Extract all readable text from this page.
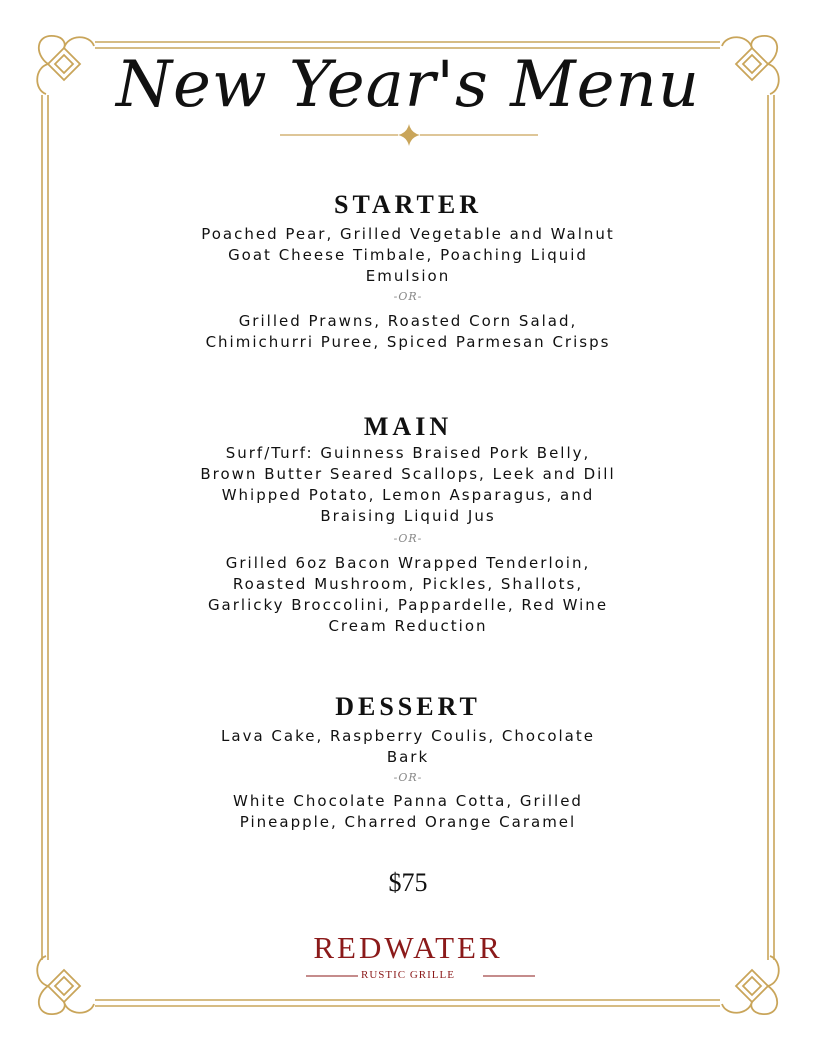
New Year's Menu
STARTER
Poached Pear, Grilled Vegetable and Walnut Goat Cheese Timbale, Poaching Liquid Emulsion
-OR-
Grilled Prawns, Roasted Corn Salad, Chimichurri Puree, Spiced Parmesan Crisps
MAIN
Surf/Turf: Guinness Braised Pork Belly, Brown Butter Seared Scallops, Leek and Dill Whipped Potato, Lemon Asparagus, and Braising Liquid Jus
-OR-
Grilled 6oz Bacon Wrapped Tenderloin, Roasted Mushroom, Pickles, Shallots, Garlicky Broccolini, Pappardelle, Red Wine Cream Reduction
DESSERT
Lava Cake, Raspberry Coulis, Chocolate Bark
-OR-
White Chocolate Panna Cotta, Grilled Pineapple, Charred Orange Caramel
$75
REDWATER
RUSTIC GRILLE
